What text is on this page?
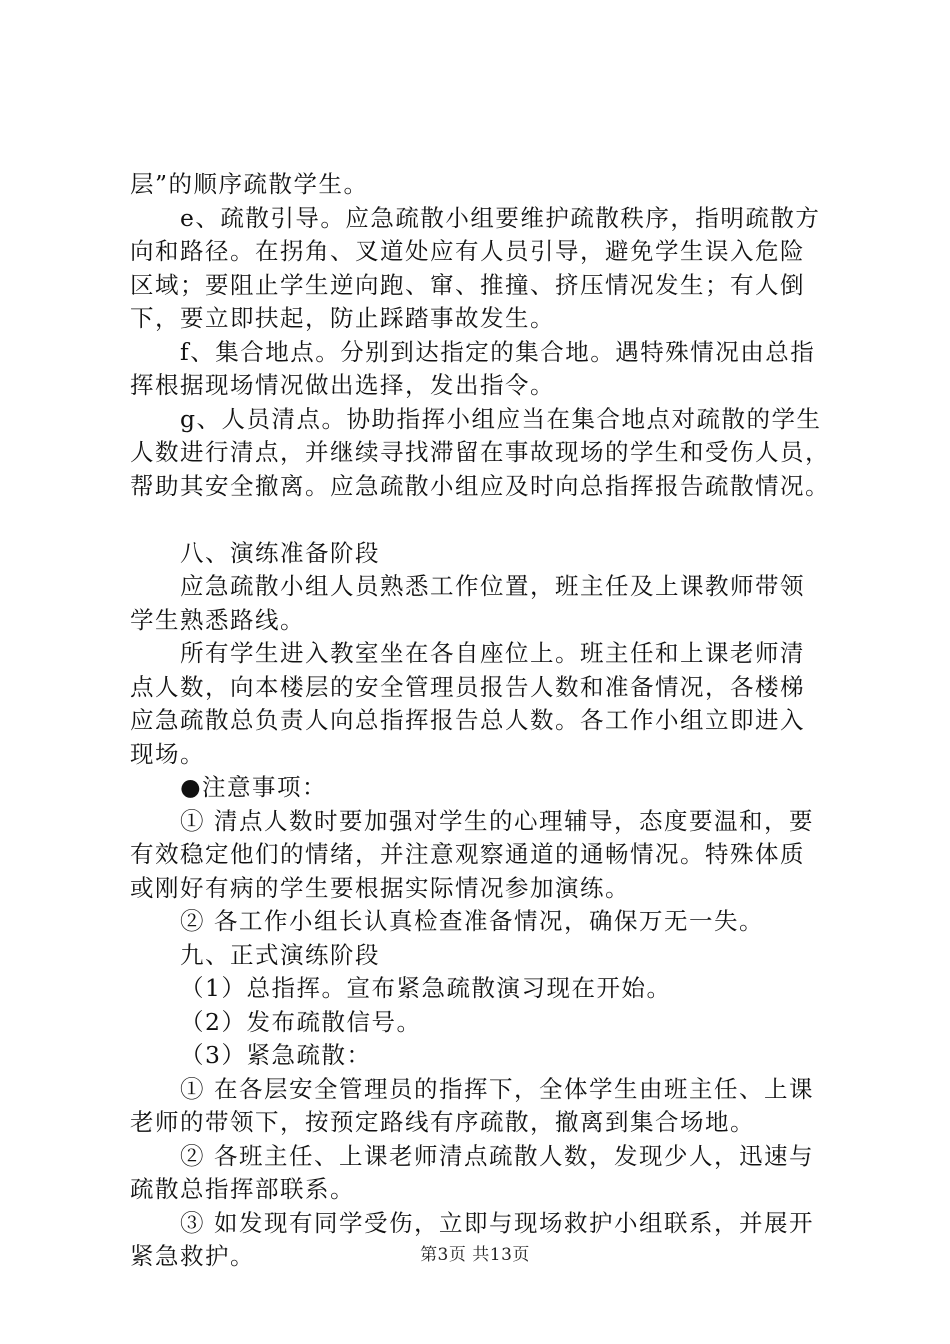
层”的顺序疏散学生。
e、疏散引导。应急疏散小组要维护疏散秩序，指明疏散方
向和路径。在拐角、叉道处应有人员引导，避免学生误入危险
区域；要阻止学生逆向跑、窜、推撞、挤压情况发生；有人倒
下，要立即扶起，防止踩踏事故发生。
f、集合地点。分别到达指定的集合地。遇特殊情况由总指
挥根据现场情况做出选择，发出指令。
g、人员清点。协助指挥小组应当在集合地点对疏散的学生
人数进行清点，并继续寻找滞留在事故现场的学生和受伤人员，
帮助其安全撤离。应急疏散小组应及时向总指挥报告疏散情况。
八、演练准备阶段
应急疏散小组人员熟悉工作位置，班主任及上课教师带领
学生熟悉路线。
所有学生进入教室坐在各自座位上。班主任和上课老师清
点人数，向本楼层的安全管理员报告人数和准备情况，各楼梯
应急疏散总负责人向总指挥报告总人数。各工作小组立即进入
现场。
●注意事项：
① 清点人数时要加强对学生的心理辅导，态度要温和，要
有效稳定他们的情绪，并注意观察通道的通畅情况。特殊体质
或刚好有病的学生要根据实际情况参加演练。
② 各工作小组长认真检查准备情况，确保万无一失。
九、正式演练阶段
（1）总指挥。宣布紧急疏散演习现在开始。
（2）发布疏散信号。
（3）紧急疏散：
① 在各层安全管理员的指挥下，全体学生由班主任、上课
老师的带领下，按预定路线有序疏散，撤离到集合场地。
② 各班主任、上课老师清点疏散人数，发现少人，迅速与
疏散总指挥部联系。
③ 如发现有同学受伤，立即与现场救护小组联系，并展开
紧急救护。	第3页 共13页
